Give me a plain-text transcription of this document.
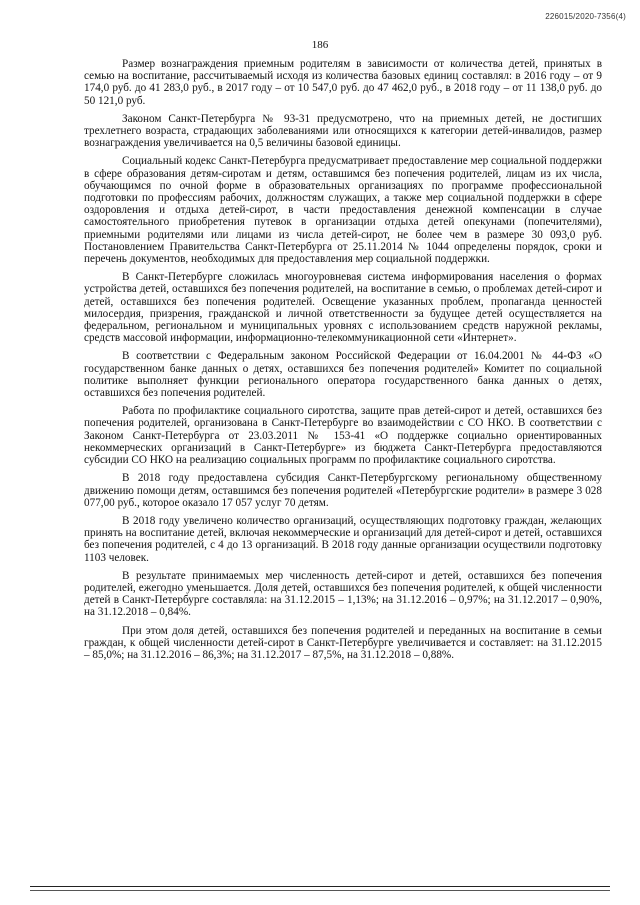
226015/2020-7356(4)
186

Размер вознаграждения приемным родителям в зависимости от количества детей, принятых в семью на воспитание, рассчитываемый исходя из количества базовых единиц составлял: в 2016 году – от 9 174,0 руб. до 41 283,0 руб., в 2017 году – от 10 547,0 руб. до 47 462,0 руб., в 2018 году – от 11 138,0 руб. до 50 121,0 руб.

Законом Санкт-Петербурга № 93-31 предусмотрено, что на приемных детей, не достигших трехлетнего возраста, страдающих заболеваниями или относящихся к категории детей-инвалидов, размер вознаграждения увеличивается на 0,5 величины базовой единицы.

Социальный кодекс Санкт-Петербурга предусматривает предоставление мер социальной поддержки в сфере образования детям-сиротам и детям, оставшимся без попечения родителей, лицам из их числа, обучающимся по очной форме в образовательных организациях по программе профессиональной подготовки по профессиям рабочих, должностям служащих, а также мер социальной поддержки в сфере оздоровления и отдыха детей-сирот, в части предоставления денежной компенсации в случае самостоятельного приобретения путевок в организации отдыха детей опекунами (попечителями), приемными родителями или лицами из числа детей-сирот, не более чем в размере 30 093,0 руб. Постановлением Правительства Санкт-Петербурга от 25.11.2014 № 1044 определены порядок, сроки и перечень документов, необходимых для предоставления мер социальной поддержки.

В Санкт-Петербурге сложилась многоуровневая система информирования населения о формах устройства детей, оставшихся без попечения родителей, на воспитание в семью, о проблемах детей-сирот и детей, оставшихся без попечения родителей. Освещение указанных проблем, пропаганда ценностей милосердия, призрения, гражданской и личной ответственности за будущее детей осуществляется на федеральном, региональном и муниципальных уровнях с использованием средств наружной рекламы, средств массовой информации, информационно-телекоммуникационной сети «Интернет».

В соответствии с Федеральным законом Российской Федерации от 16.04.2001 № 44-ФЗ «О государственном банке данных о детях, оставшихся без попечения родителей» Комитет по социальной политике выполняет функции регионального оператора государственного банка данных о детях, оставшихся без попечения родителей.

Работа по профилактике социального сиротства, защите прав детей-сирот и детей, оставшихся без попечения родителей, организована в Санкт-Петербурге во взаимодействии с СО НКО. В соответствии с Законом Санкт-Петербурга от 23.03.2011 № 153-41 «О поддержке социально ориентированных некоммерческих организаций в Санкт-Петербурге» из бюджета Санкт-Петербурга предоставляются субсидии СО НКО на реализацию социальных программ по профилактике социального сиротства.

В 2018 году предоставлена субсидия Санкт-Петербургскому региональному общественному движению помощи детям, оставшимся без попечения родителей «Петербургские родители» в размере 3 028 077,00 руб., которое оказало 17 057 услуг 70 детям.

В 2018 году увеличено количество организаций, осуществляющих подготовку граждан, желающих принять на воспитание детей, включая некоммерческие и организаций для детей-сирот и детей, оставшихся без попечения родителей, с 4 до 13 организаций. В 2018 году данные организации осуществили подготовку 1103 человек.

В результате принимаемых мер численность детей-сирот и детей, оставшихся без попечения родителей, ежегодно уменьшается. Доля детей, оставшихся без попечения родителей, к общей численности детей в Санкт-Петербурге составляла: на 31.12.2015 – 1,13%; на 31.12.2016 – 0,97%; на 31.12.2017 – 0,90%, на 31.12.2018 – 0,84%.

При этом доля детей, оставшихся без попечения родителей и переданных на воспитание в семьи граждан, к общей численности детей-сирот в Санкт-Петербурге увеличивается и составляет: на 31.12.2015 – 85,0%; на 31.12.2016 – 86,3%; на 31.12.2017 – 87,5%, на 31.12.2018 – 0,88%.
